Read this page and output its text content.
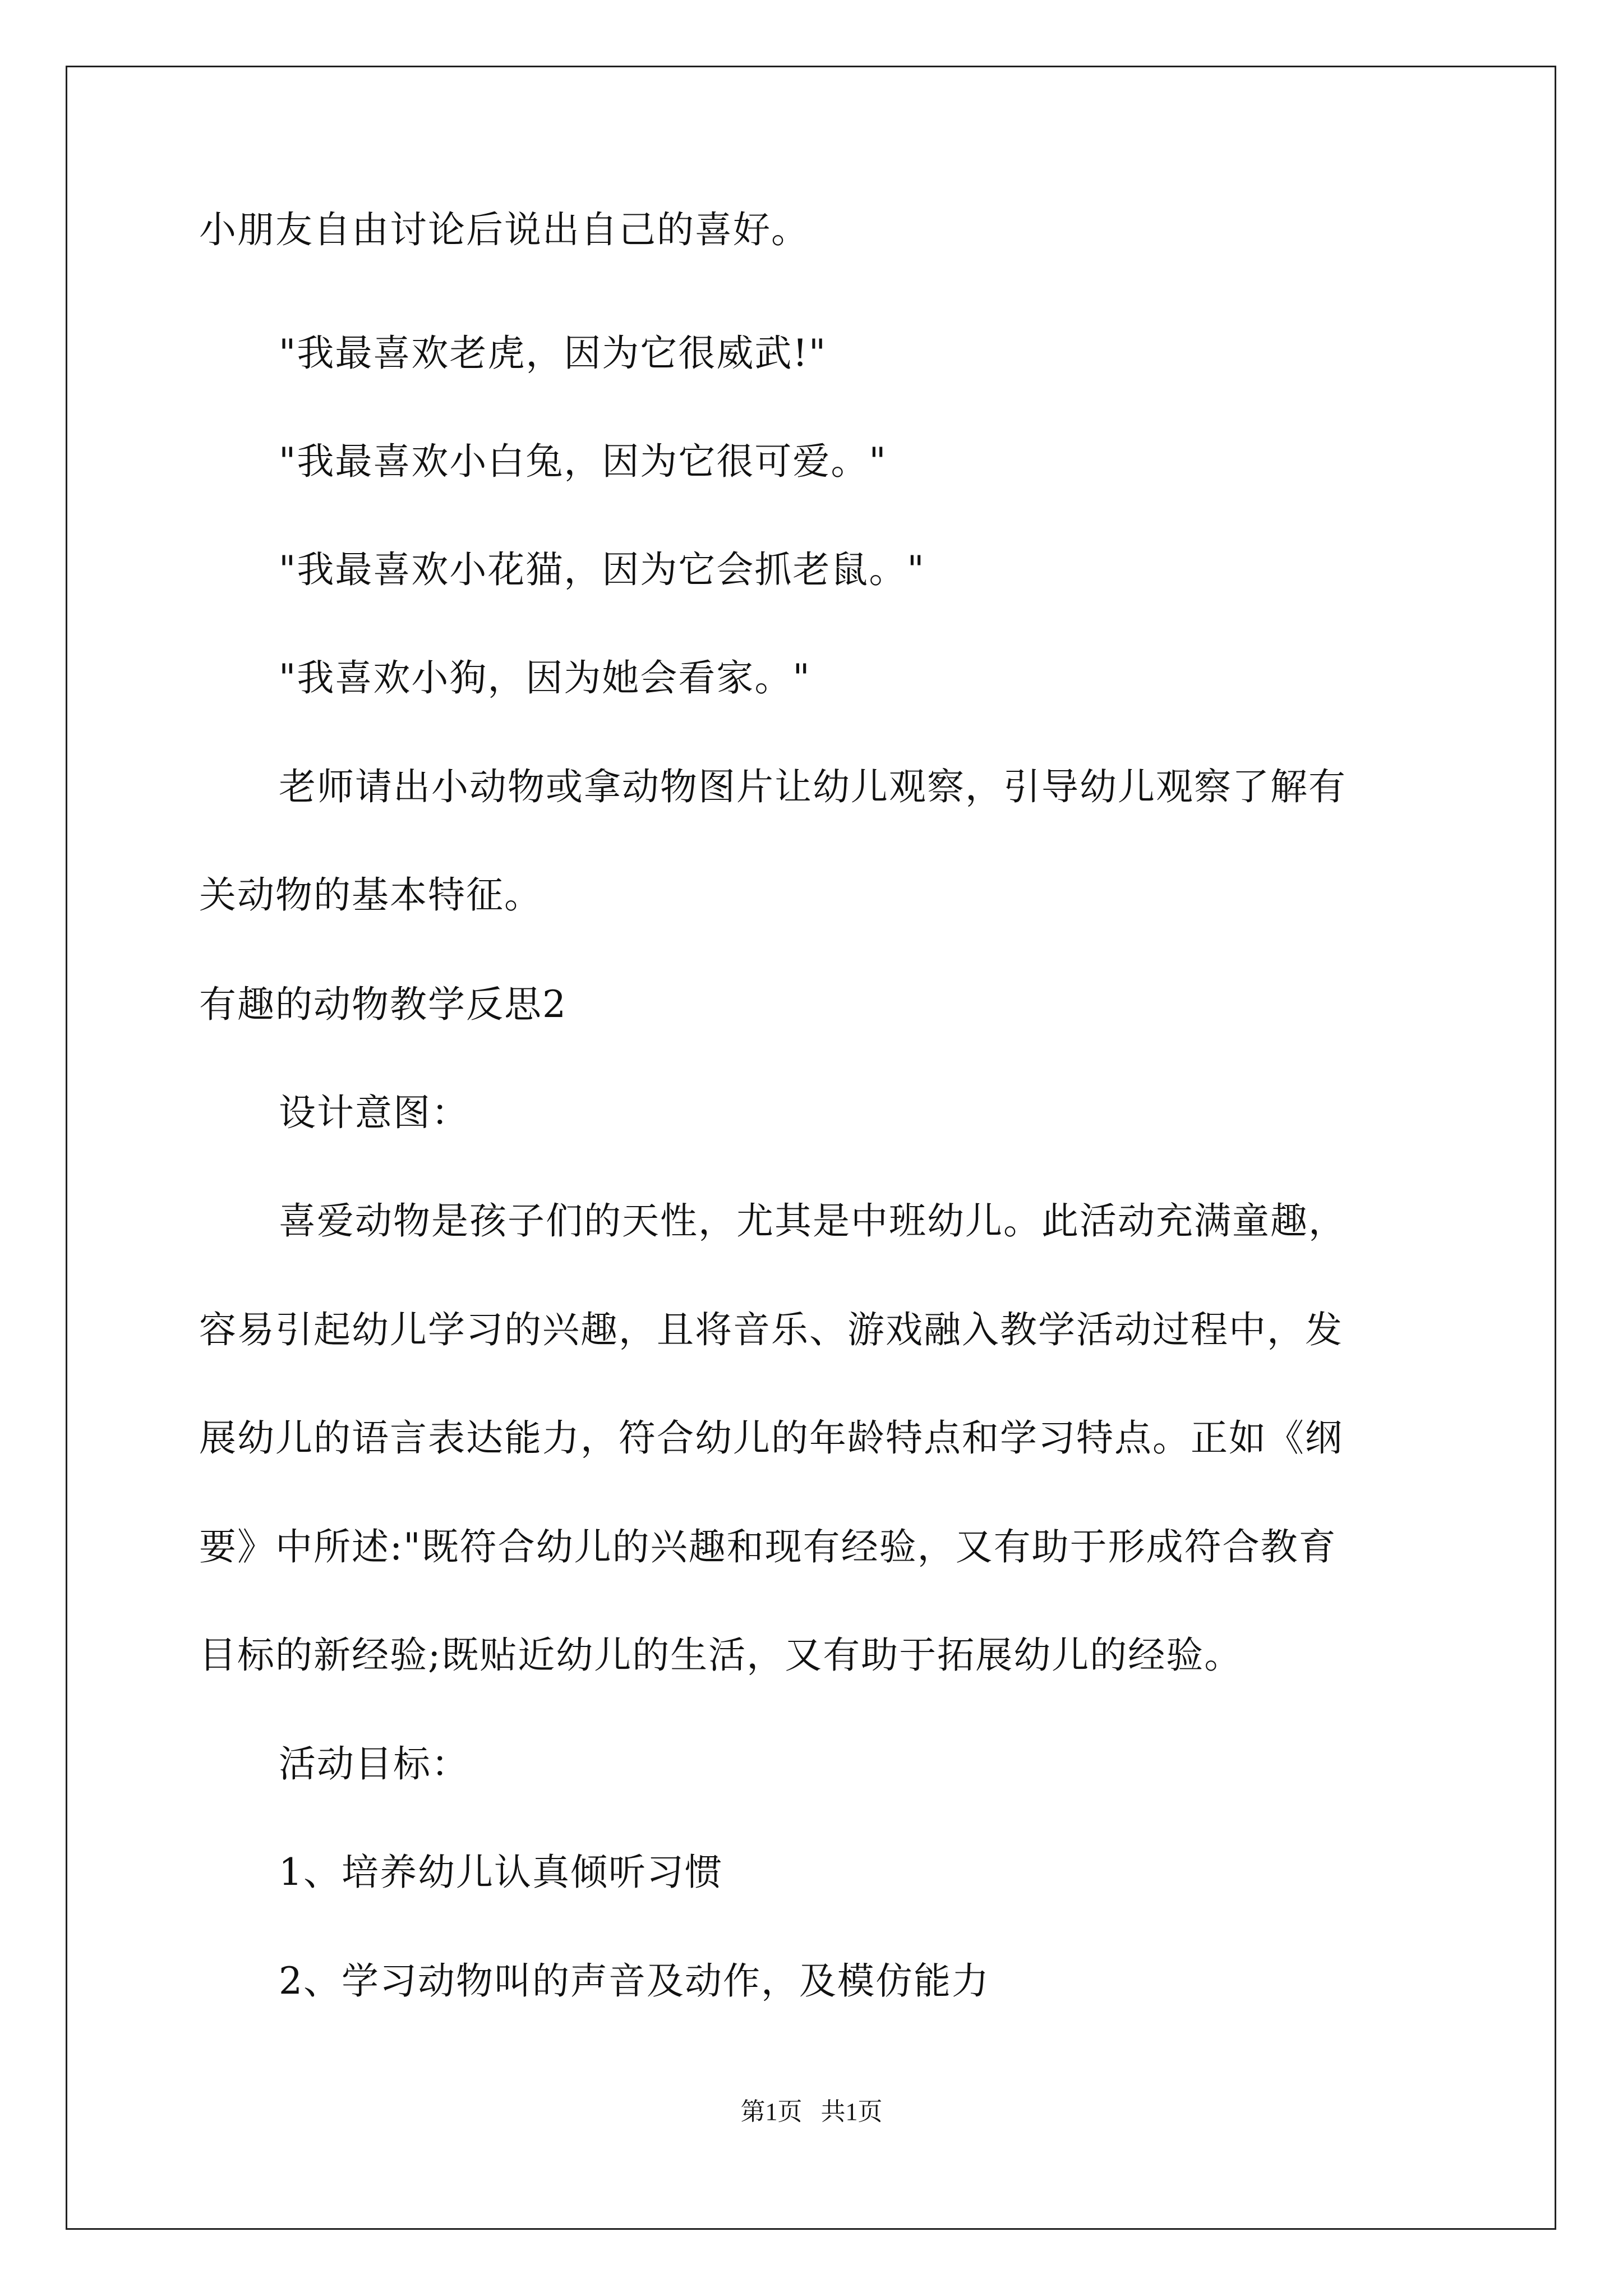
小朋友自由讨论后说出自己的喜好。
"我最喜欢老虎，因为它很威武!"
"我最喜欢小白兔，因为它很可爱。"
"我最喜欢小花猫，因为它会抓老鼠。"
"我喜欢小狗，因为她会看家。"
老师请出小动物或拿动物图片让幼儿观察，引导幼儿观察了解有
关动物的基本特征。
有趣的动物教学反思2
设计意图：
喜爱动物是孩子们的天性，尤其是中班幼儿。此活动充满童趣，
容易引起幼儿学习的兴趣，且将音乐、游戏融入教学活动过程中，发
展幼儿的语言表达能力，符合幼儿的年龄特点和学习特点。正如《纲
要》中所述:"既符合幼儿的兴趣和现有经验，又有助于形成符合教育
目标的新经验;既贴近幼儿的生活，又有助于拓展幼儿的经验。
活动目标：
1、培养幼儿认真倾听习惯
2、学习动物叫的声音及动作，及模仿能力
第1页   共1页
